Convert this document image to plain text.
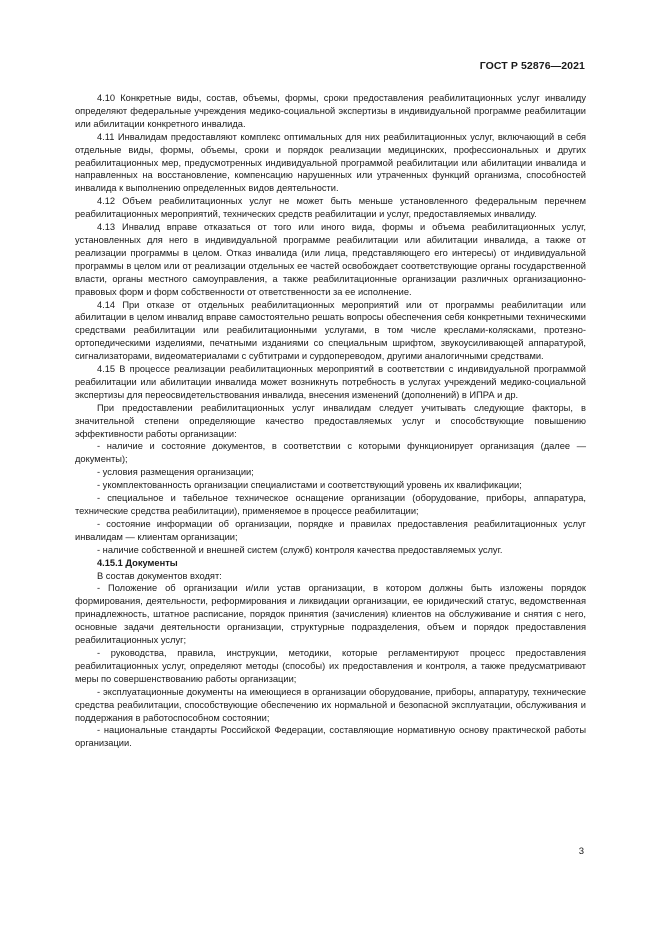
ГОСТ Р 52876—2021

4.10 Конкретные виды, состав, объемы, формы, сроки предоставления реабилитационных услуг инвалиду определяют федеральные учреждения медико-социальной экспертизы в индивидуальной программе реабилитации или абилитации конкретного инвалида.

4.11 Инвалидам предоставляют комплекс оптимальных для них реабилитационных услуг, включающий в себя отдельные виды, формы, объемы, сроки и порядок реализации медицинских, профессиональных и других реабилитационных мер, предусмотренных индивидуальной программой реабилитации или абилитации инвалида и направленных на восстановление, компенсацию нарушенных или утраченных функций организма, способностей инвалида к выполнению определенных видов деятельности.

4.12 Объем реабилитационных услуг не может быть меньше установленного федеральным перечнем реабилитационных мероприятий, технических средств реабилитации и услуг, предоставляемых инвалиду.

4.13 Инвалид вправе отказаться от того или иного вида, формы и объема реабилитационных услуг, установленных для него в индивидуальной программе реабилитации или абилитации инвалида, а также от реализации программы в целом. Отказ инвалида (или лица, представляющего его интересы) от индивидуальной программы в целом или от реализации отдельных ее частей освобождает соответствующие органы государственной власти, органы местного самоуправления, а также реабилитационные организации различных организационно-правовых форм и форм собственности от ответственности за ее исполнение.

4.14 При отказе от отдельных реабилитационных мероприятий или от программы реабилитации или абилитации в целом инвалид вправе самостоятельно решать вопросы обеспечения себя конкретными техническими средствами реабилитации или реабилитационными услугами, в том числе креслами-колясками, протезно-ортопедическими изделиями, печатными изданиями со специальным шрифтом, звукоусиливающей аппаратурой, сигнализаторами, видеоматериалами с субтитрами и сурдопереводом, другими аналогичными средствами.

4.15 В процессе реализации реабилитационных мероприятий в соответствии с индивидуальной программой реабилитации или абилитации инвалида может возникнуть потребность в услугах учреждений медико-социальной экспертизы для переосвидетельствования инвалида, внесения изменений (дополнений) в ИПРА и др.

При предоставлении реабилитационных услуг инвалидам следует учитывать следующие факторы, в значительной степени определяющие качество предоставляемых услуг и способствующие повышению эффективности работы организации:

- наличие и состояние документов, в соответствии с которыми функционирует организация (далее — документы);

- условия размещения организации;

- укомплектованность организации специалистами и соответствующий уровень их квалификации;

- специальное и табельное техническое оснащение организации (оборудование, приборы, аппаратура, технические средства реабилитации), применяемое в процессе реабилитации;

- состояние информации об организации, порядке и правилах предоставления реабилитационных услуг инвалидам — клиентам организации;

- наличие собственной и внешней систем (служб) контроля качества предоставляемых услуг.

4.15.1 Документы

В состав документов входят:

- Положение об организации и/или устав организации, в котором должны быть изложены порядок формирования, деятельности, реформирования и ликвидации организации, ее юридический статус, ведомственная принадлежность, штатное расписание, порядок принятия (зачисления) клиентов на обслуживание и снятия с него, основные задачи деятельности организации, структурные подразделения, объем и порядок предоставления реабилитационных услуг;

- руководства, правила, инструкции, методики, которые регламентируют процесс предоставления реабилитационных услуг, определяют методы (способы) их предоставления и контроля, а также предусматривают меры по совершенствованию работы организации;

- эксплуатационные документы на имеющиеся в организации оборудование, приборы, аппаратуру, технические средства реабилитации, способствующие обеспечению их нормальной и безопасной эксплуатации, обслуживания и поддержания в работоспособном состоянии;

- национальные стандарты Российской Федерации, составляющие нормативную основу практической работы организации.

3
